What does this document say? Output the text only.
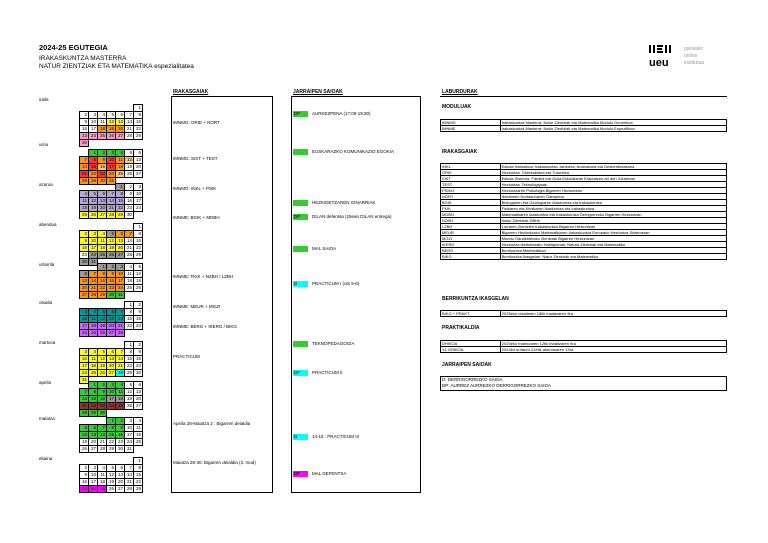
2024-25 EGUTEGIA
IRAKASKUNTZA MASTERRA
NATUR ZIENTZIAK ETA MATEMATIKA espezialitatea	ueu
garaiako
online
institutua
iraila

						1
2	3	4	5	6	7	8
9	10	11	12	13	14	15
16	17	18	19	20	21	22
23	24	25	26	27	28	29
30						
urria

	1	2	3	4	5	6
7	8	9	10	11	12	13
14	15	16	17	18	19	20
21	22	23	24	25	26	27
28	29	30	31			
azaroa
					1	2	3
4	5	6	7	8	9	10
11	12	13	14	15	16	17
18	19	20	21	22	23	24
25	26	27	28	29	30	
abendua
							1
2	3	4	5	6	7	8
9	10	11	12	13	14	15
16	17	18	19	20	21	22
23	24	25	26	27	28	29
30	31					
urtarrila
			1	2	3	4	5
6	7	8	9	10	11	12
13	14	15	16	17	18	19
20	21	22	23	24	25	26
27	28	29	30	31		
otsaila
						1	2
3	4	5	6	7	8	9
10	11	12	13	14	15	16
17	18	19	20	21	22	23
24	25	26	27	28		
martxoa
						1	2
3	4	5	6	7	8	9
10	11	12	13	14	15	16
17	18	19	20	21	22	23
24	25	26	27	28	29	30
31						
apirila
		1	2	3	4	5	6
7	8	9	10	11	12	13
14	15	16	17	18	19	20
21	22	23	24	25	26	27
28	29	30				
maiatza
				1	2	3	4
5	6	7	8	9	10	11
12	13	14	15	16	17	18
19	20	21	22	23	24	25
26	27	28	29	30	31	
ekaina
							1
2	3	4	5	6	7	8
9	10	11	12	13	14	15
16	17	18	19	20	21	22
23	24	25	26	27	28	29
IRAKASGAIAK
IMNMG: ORIE + NORT
IMNMG: SIST + TEST
IMNMG: INKL + PSIK
IMNME: BGIK + MDBH
IMNME: FKIK + NZBH / LZBH
IMNME: MEUR + MGZI
IMNME: BERG + IKERG / BIKG
PRACTICUM
Apirila 28-Maiatza 2 : Bigarren deialdia
Maiatza 28-30: Bigarren deialdia (3. mod)
JARRAIPEN SAIOAK
DP	AURKEZPENA (17:00-19:30)
EUSKARAZKO KOMUNIKAZIO EGOKIA
HEZKIDETZAREN GINARRIAK
DP	DILAN defentsa (25ean DILAN entrega)
MAL SAIOA
D	PRACTICUM I (ots 5-6)
TEKNOPEDAGOGIA
DP	PRACTICUM II
D	14-15 : PRACTICUM III
DP	MAL DEFENTSA
LABURDURAK
MODULUAK
IMNMG	Irakaskuntza Masterra: Natur Zientziak eta Matematika Modulu Generikoa
IMNME	Irakaskuntza Masterra: Natur Zientziak eta Matematika Modulu Espezifikoa
IRAKASGAIAK
INKL	Eskola Inklusiboa: Irakaskuntza Jarduera, Aniztasuna eta Desberdintasuna
ORIE	Heziuntza: Orientabidea eta Tutoretza
SIST	Eskola Sistema, Familia eta Gizia Eskolabeak Eraldatzen ari den Gizartean
TEST	Heziuntza: Teknologiyaak
PSIKO	Heziuntzaren Psikologia Bigarren Heziuntzan
NORT	Ikerabeen Nortasunaren Garapena
BGIK	Biologiaren eta Geologiaren Ikaskuntza eta Irakaskuntza
FKIK	Fisikaren eta Kimikaren Ikaskuntza eta Irakaskuntza
MDBH	Matematikaren Ikaskuntza eta Irakaskuntza Derrigorrezko Bigarren Heziuntzan
NZBH	Natur Zientziak DBHn
LZBH	Lurraren Zientzien Irakaskuntza Bigarren Heziuntzan
MEUR	Bigarren Heziuntzako Matematikaren Irakaskuntza Europako Heziuntza Sistemetan
MGZI	Mundu Garaikiderako Zientziak Bigarren Heziuntzan
IKERG	Heziuntza Ikerketarako Hastapenak: Natura Zientziak eta Matematika
BERG	Berrikuntza Matematikan
BIKG	Berrikuntza Ikasgelan: Natur Zientziak eta Matematika
BERRIKUNTZA IKASGELAN
BIKG + PRAKT	2025eko otsailaren 18tik maiatzaren 9ra
PRAKTIKALDIA
DHIKOA	2025eko martxoaren 12tik maiatzaren 9ra
12-OHIKOA	2024ko urriaren 21etik abenduaren 13ra
JARRAIPEN SAIOAK
D: DERRIGORREZKO SAIOA
DP: AURREZ AURREZKO DERRIGORREZKO SAIOA
